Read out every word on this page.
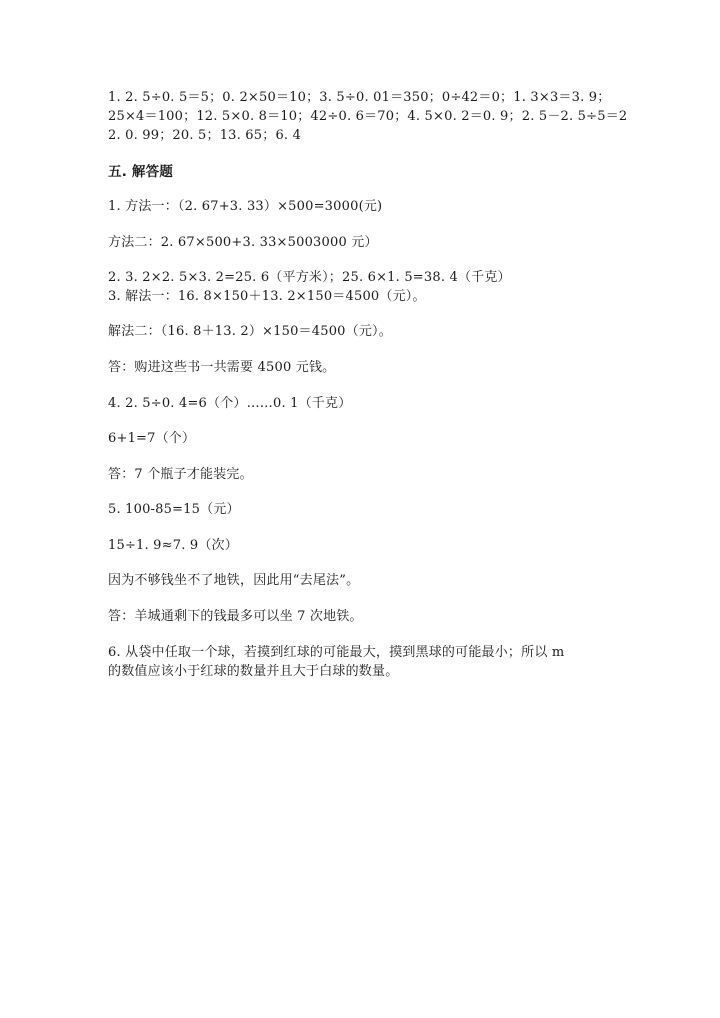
1. 2. 5÷0. 5＝5；0. 2×50＝10；3. 5÷0. 01＝350；0÷42＝0；1. 3×3＝3. 9；
25×4＝100；12. 5×0. 8＝10；42÷0. 6＝70；4. 5×0. 2＝0. 9；2. 5－2. 5÷5＝2
2. 0. 99；20. 5；13. 65；6. 4
五. 解答题
1. 方法一：（2. 67+3. 33）×500=3000(元)
方法二：2. 67×500+3. 33×5003000 元）
2. 3. 2×2. 5×3. 2=25. 6（平方米）；25. 6×1. 5=38. 4（千克）
3. 解法一：16. 8×150＋13. 2×150＝4500（元）。
解法二：（16. 8＋13. 2）×150＝4500（元）。
答：购进这些书一共需要 4500 元钱。
4. 2. 5÷0. 4=6（个）……0. 1（千克）
6+1=7（个）
答：7 个瓶子才能装完。
5. 100-85=15（元）
15÷1. 9≈7. 9（次）
因为不够钱坐不了地铁，因此用“去尾法”。
答：羊城通剩下的钱最多可以坐 7 次地铁。
6. 从袋中任取一个球，若摸到红球的可能最大，摸到黑球的可能最小；所以 m
的数值应该小于红球的数量并且大于白球的数量。
